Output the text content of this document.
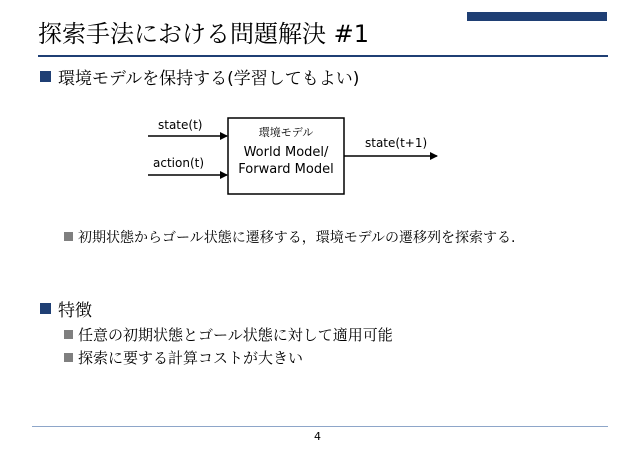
探索手法における問題解決 #1
環境モデルを保持する(学習してもよい)
環境モデル
World Model/
Forward Model
state(t)
action(t)
state(t+1)
初期状態からゴール状態に遷移する，環境モデルの遷移列を探索する.
特徴
任意の初期状態とゴール状態に対して適用可能
探索に要する計算コストが大きい
4
